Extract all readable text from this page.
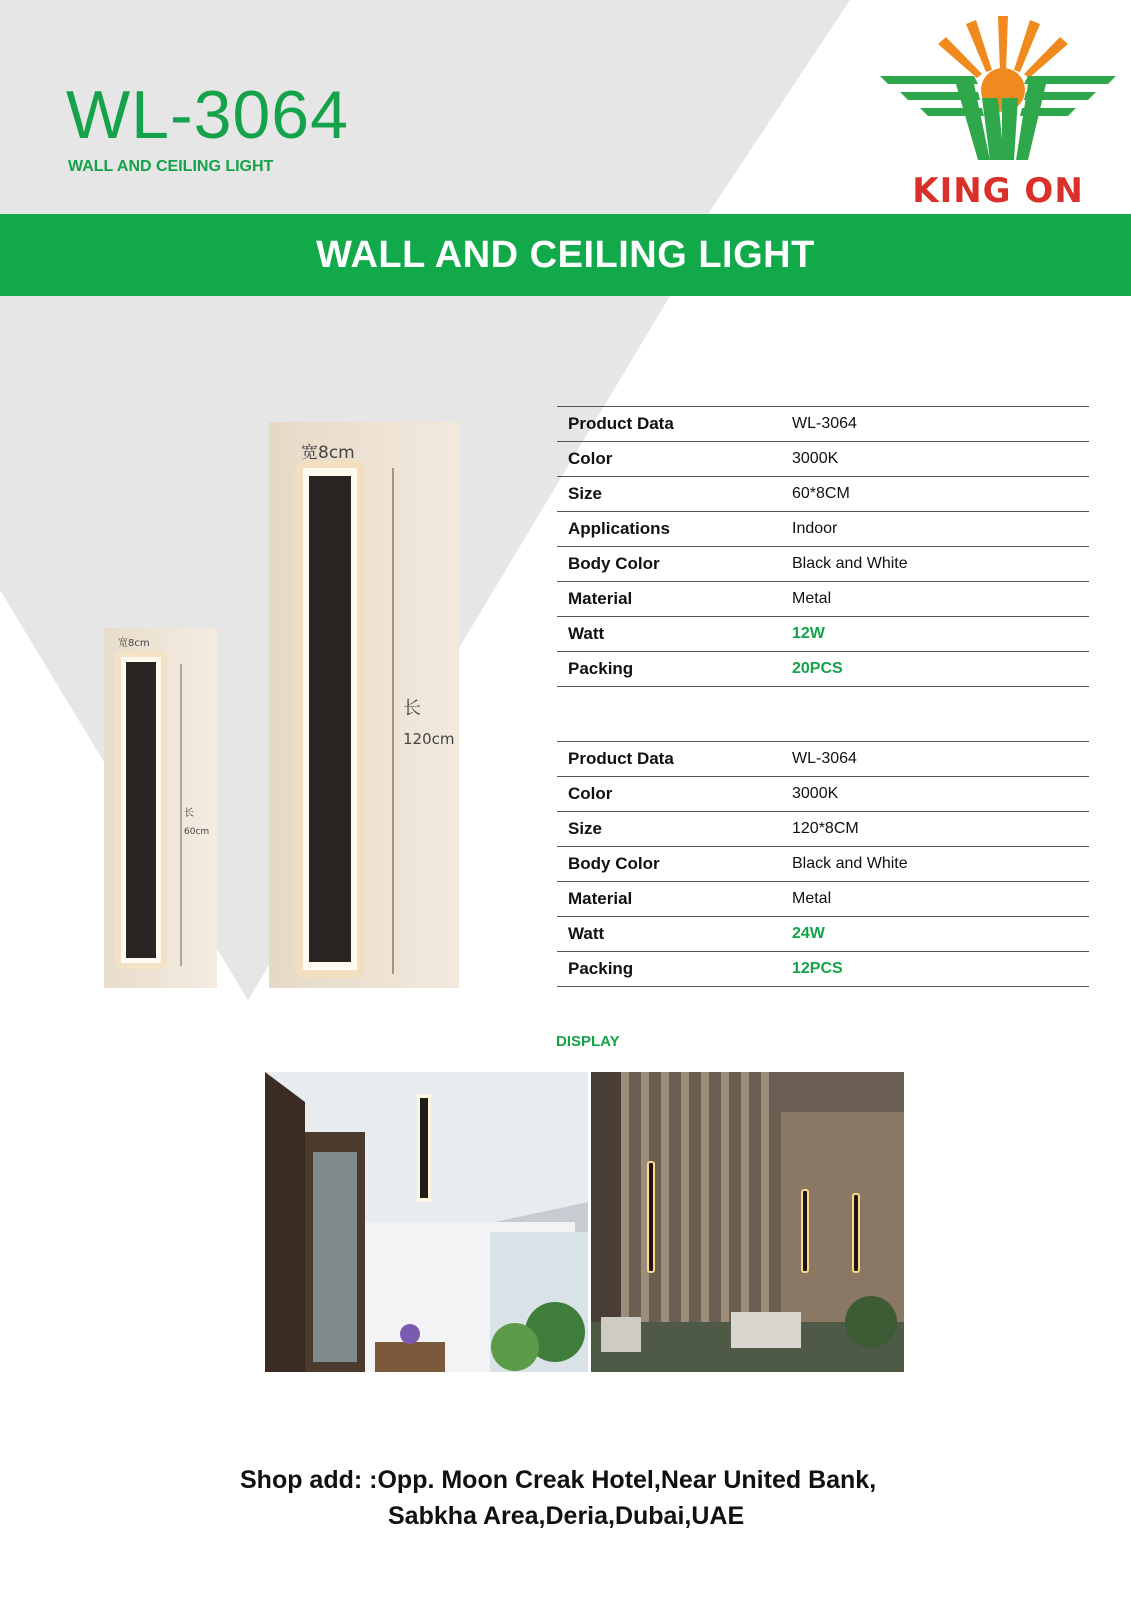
WL-3064
WALL AND CEILING LIGHT
KING ON
WALL AND CEILING LIGHT
宽8cm
长
60cm
宽8cm
长
120cm
Product Data	WL-3064
Color	3000K
Size	60*8CM
Applications	Indoor
Body Color	Black and White
Material	Metal
Watt	12W
Packing	20PCS
Product Data	WL-3064
Color	3000K
Size	120*8CM
Body Color	Black and White
Material	Metal
Watt	24W
Packing	12PCS
DISPLAY
Shop add: :Opp. Moon Creak Hotel,Near United Bank,
Sabkha Area,Deria,Dubai,UAE
